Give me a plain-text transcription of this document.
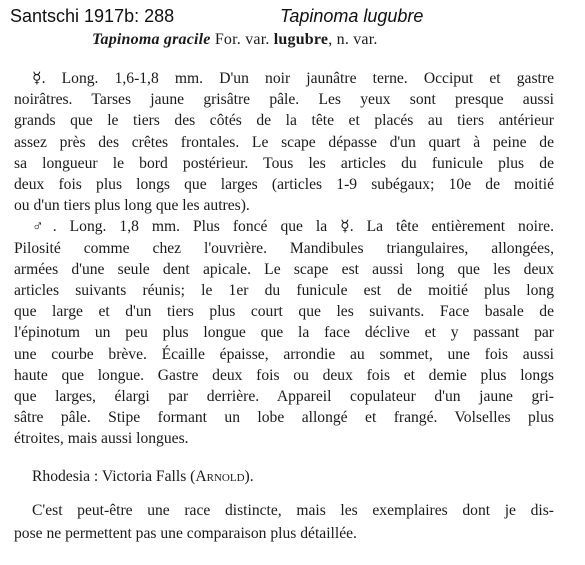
Santschi 1917b: 288	Tapinoma lugubre
Tapinoma gracile For. var. lugubre, n. var.
☿. Long. 1,6-1,8 mm. D'un noir jaunâtre terne. Occiput et gastre
noirâtres. Tarses jaune grisâtre pâle. Les yeux sont presque aussi
grands que le tiers des côtés de la tête et placés au tiers antérieur
assez près des crêtes frontales. Le scape dépasse d'un quart à peine de
sa longueur le bord postérieur. Tous les articles du funicule plus de
deux fois plus longs que larges (articles 1-9 subégaux; 10e de moitié
ou d'un tiers plus long que les autres).
♂. Long. 1,8 mm. Plus foncé que la ☿. La tête entièrement noire.
Pilosité comme chez l'ouvrière. Mandibules triangulaires, allongées,
armées d'une seule dent apicale. Le scape est aussi long que les deux
articles suivants réunis; le 1er du funicule est de moitié plus long
que large et d'un tiers plus court que les suivants. Face basale de
l'épinotum un peu plus longue que la face déclive et y passant par
une courbe brève. Écaille épaisse, arrondie au sommet, une fois aussi
haute que longue. Gastre deux fois ou deux fois et demie plus longs
que larges, élargi par derrière. Appareil copulateur d'un jaune gri-
sâtre pâle. Stipe formant un lobe allongé et frangé. Volselles plus
étroites, mais aussi longues.
Rhodesia : Victoria Falls (Arnold).
C'est peut-être une race distincte, mais les exemplaires dont je dis-
pose ne permettent pas une comparaison plus détaillée.
